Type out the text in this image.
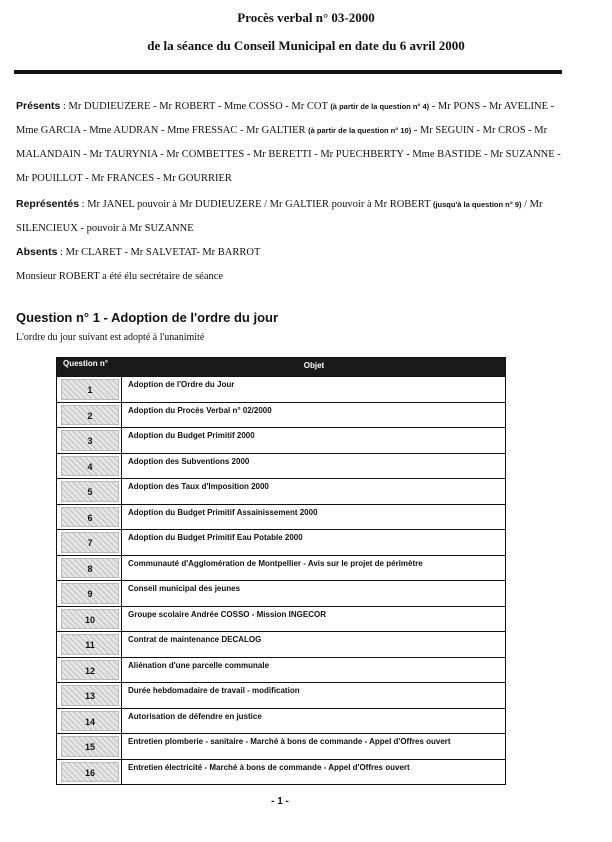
Procès verbal n° 03-2000
de la séance du Conseil Municipal en date du 6 avril 2000
Présents : Mr DUDIEUZERE - Mr ROBERT - Mme COSSO - Mr COT (à partir de la question n° 4) - Mr PONS - Mr AVELINE - Mme GARCIA - Mme AUDRAN - Mme FRESSAC - Mr GALTIER (à partir de la question n° 10) - Mr SEGUIN - Mr CROS - Mr MALANDAIN - Mr TAURYNIA - Mr COMBETTES - Mr BERETTI - Mr PUECHBERTY - Mme BASTIDE - Mr SUZANNE - Mr POUILLOT - Mr FRANCES - Mr GOURRIER
Représentés : Mr JANEL pouvoir à Mr DUDIEUZERE / Mr GALTIER pouvoir à Mr ROBERT (jusqu'à la question n° 9) / Mr SILENCIEUX - pouvoir à Mr SUZANNE
Absents : Mr CLARET - Mr SALVETAT- Mr BARROT
Monsieur ROBERT a été élu secrétaire de séance
Question n° 1 - Adoption de l'ordre du jour
L'ordre du jour suivant est adopté à l'unanimité
Question n°	Objet
1
Adoption de l'Ordre du Jour
2
Adoption du Procès Verbal n° 02/2000
3
Adoption du Budget Primitif 2000
4
Adoption des Subventions 2000
5
Adoption des Taux d'Imposition 2000
6
Adoption du Budget Primitif Assainissement 2000
7
Adoption du Budget Primitif Eau Potable 2000
8
Communauté d'Agglomération de Montpellier - Avis sur le projet de périmètre
9
Conseil municipal des jeunes
10
Groupe scolaire Andrée COSSO - Mission INGECOR
11
Contrat de maintenance DECALOG
12
Aliénation d'une parcelle communale
13
Durée hebdomadaire de travail - modification
14
Autorisation de défendre en justice
15
Entretien plomberie - sanitaire - Marché à bons de commande - Appel d'Offres ouvert
16
Entretien électricité - Marché à bons de commande - Appel d'Offres ouvert
- 1 -
